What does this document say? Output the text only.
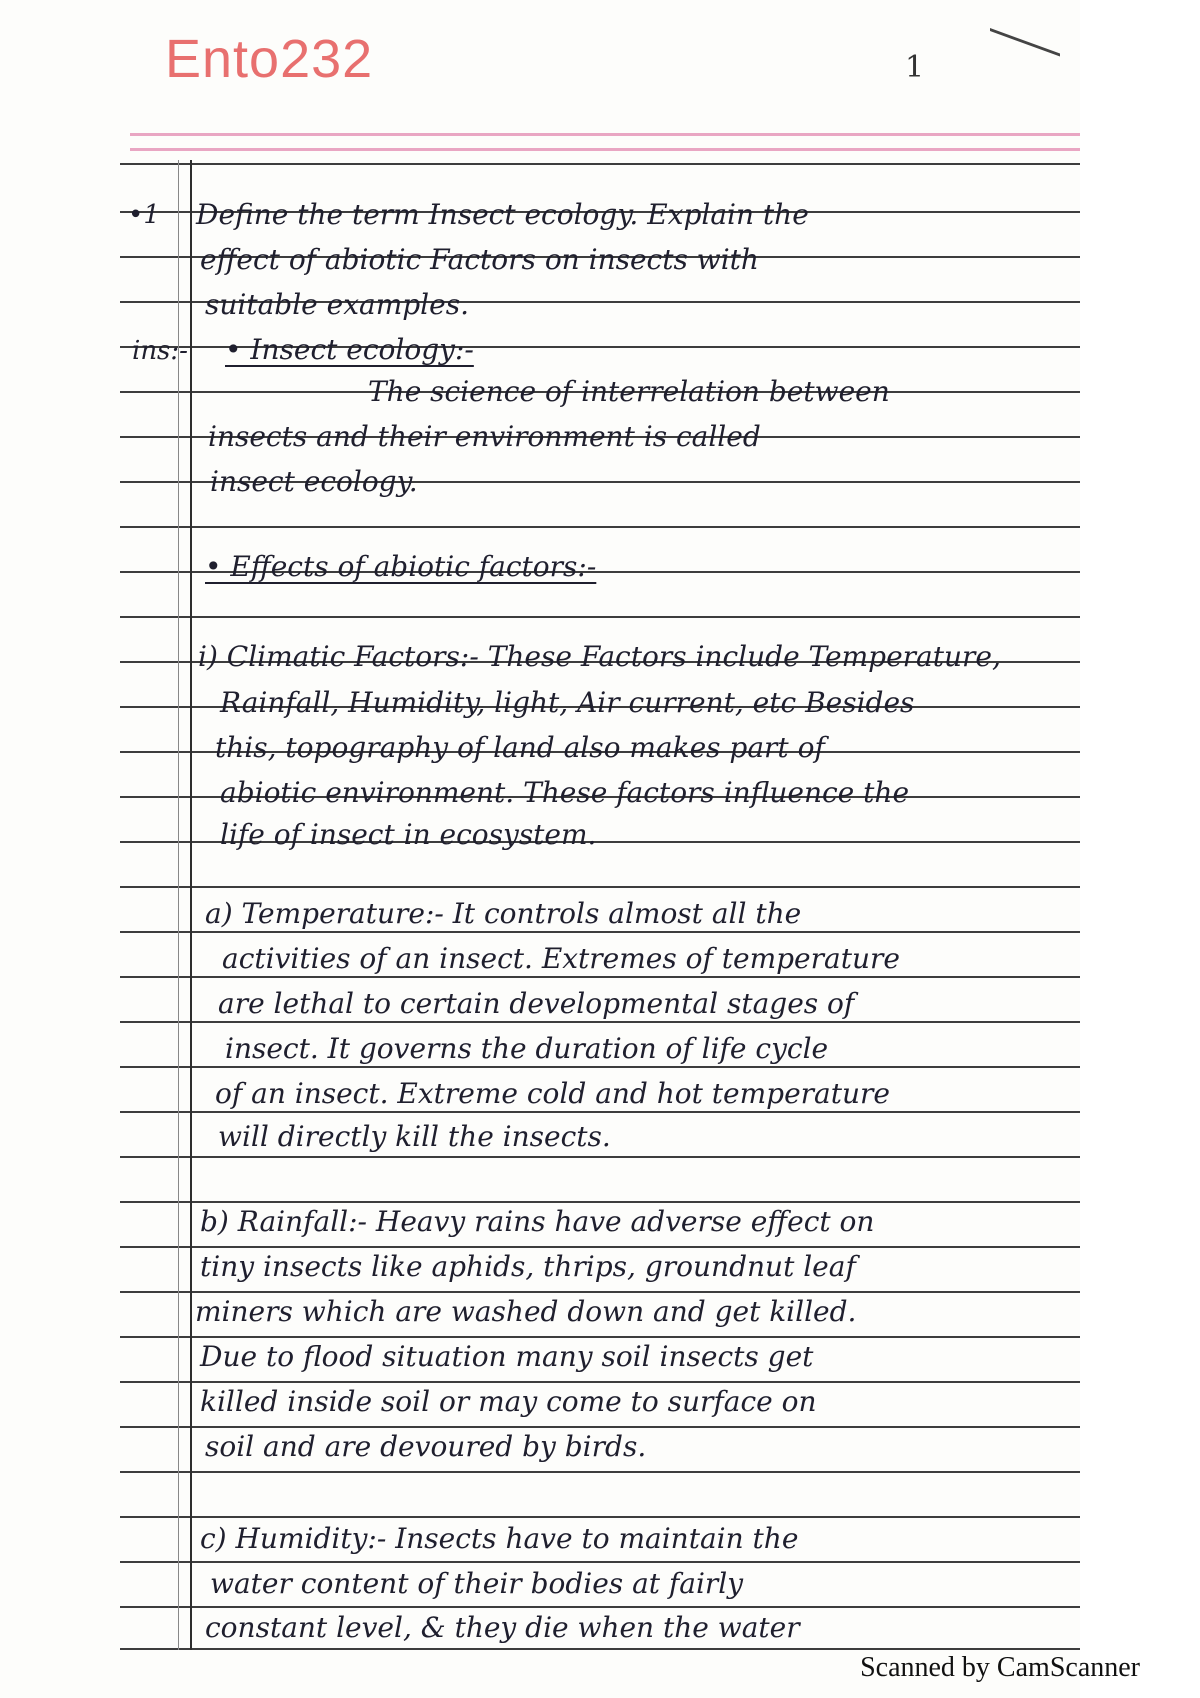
Ento232	1
•1 Define the term Insect ecology. Explain the
effect of abiotic Factors on insects with
suitable examples.
ins:- • Insect ecology:-
The science of interrelation between
insects and their environment is called
insect ecology.
• Effects of abiotic factors:-
i) Climatic Factors:- These Factors include Temperature,
Rainfall, Humidity, light, Air current, etc Besides
this, topography of land also makes part of
abiotic environment. These factors influence the
life of insect in ecosystem.
a) Temperature:- It controls almost all the
activities of an insect. Extremes of temperature
are lethal to certain developmental stages of
insect. It governs the duration of life cycle
of an insect. Extreme cold and hot temperature
will directly kill the insects.
b) Rainfall:- Heavy rains have adverse effect on
tiny insects like aphids, thrips, groundnut leaf
miners which are washed down and get killed.
Due to flood situation many soil insects get
killed inside soil or may come to surface on
soil and are devoured by birds.
c) Humidity:- Insects have to maintain the
water content of their bodies at fairly
constant level, & they die when the water
Scanned by CamScanner
